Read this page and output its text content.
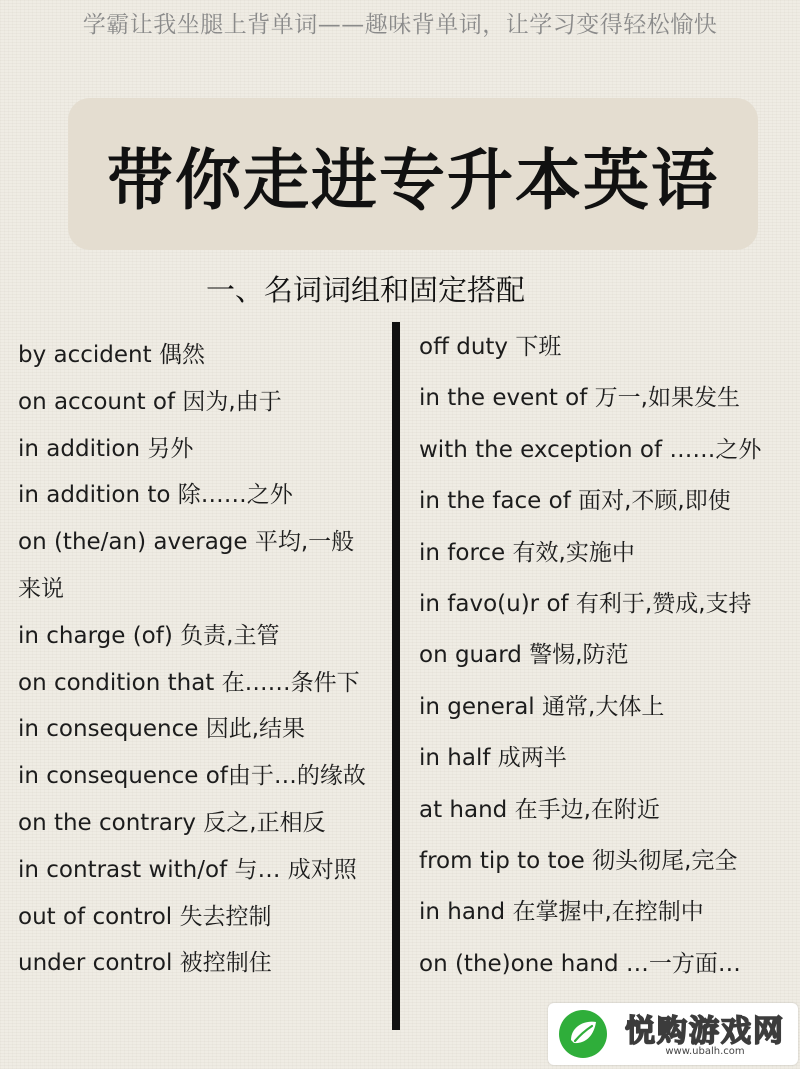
学霸让我坐腿上背单词——趣味背单词，让学习变得轻松愉快
带你走进专升本英语
一、名词词组和固定搭配
by accident 偶然
on account of 因为,由于
in addition 另外
in addition to 除……之外
on (the/an) average 平均,一般
来说
in charge (of) 负责,主管
on condition that 在……条件下
in consequence 因此,结果
in consequence of由于…的缘故
on the contrary 反之,正相反
in contrast with/of 与… 成对照
out of control 失去控制
under control 被控制住
off duty 下班
in the event of 万一,如果发生
with the exception of ……之外
in the face of 面对,不顾,即使
in force 有效,实施中
in favo(u)r of 有利于,赞成,支持
on guard 警惕,防范
in general 通常,大体上
in half 成两半
at hand 在手边,在附近
from tip to toe 彻头彻尾,完全
in hand 在掌握中,在控制中
on (the)one hand …一方面…
悦购游戏网
www.ubalh.com
